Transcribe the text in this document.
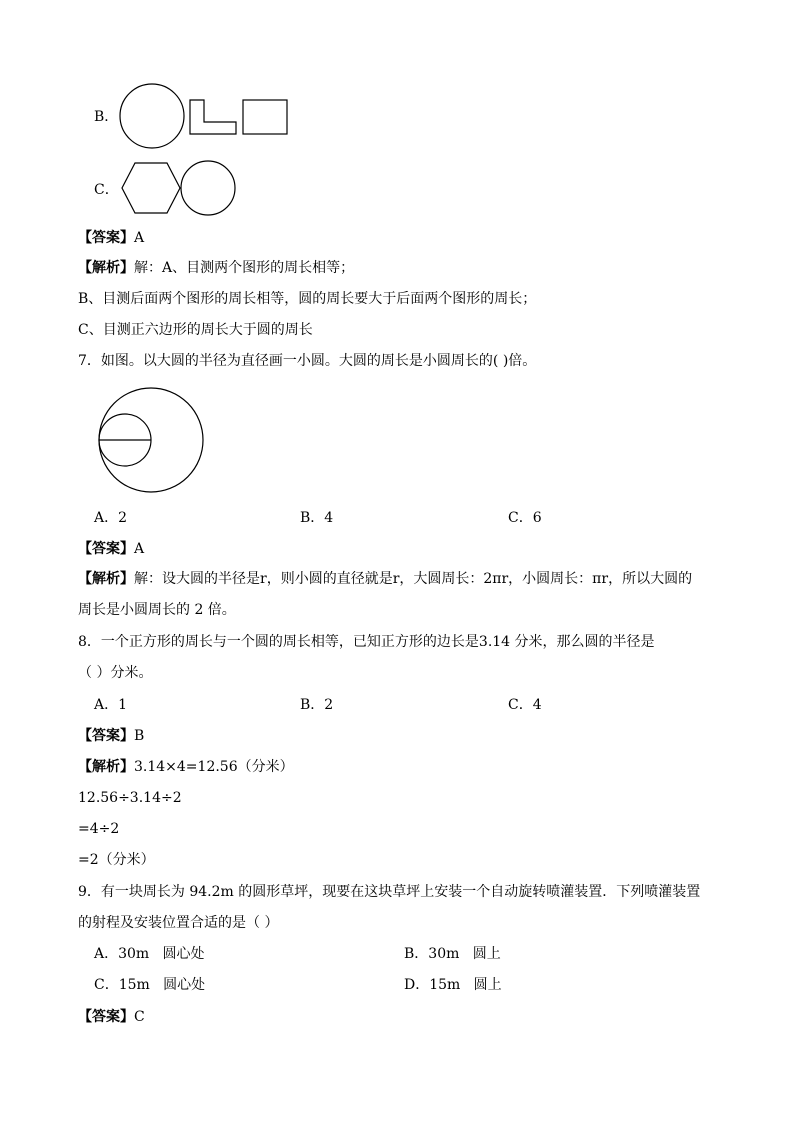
B．
C．
【答案】A
【解析】解：A、目测两个图形的周长相等；
B、目测后面两个图形的周长相等，圆的周长要大于后面两个图形的周长；
C、目测正六边形的周长大于圆的周长
7．如图。以大圆的半径为直径画一小圆。大圆的周长是小圆周长的( )倍。
A．2	B．4	C．6
【答案】A
【解析】解：设大圆的半径是r，则小圆的直径就是r，大圆周长：2πr，小圆周长：πr，所以大圆的
周长是小圆周长的 2 倍。
8．一个正方形的周长与一个圆的周长相等，已知正方形的边长是3.14 分米，那么圆的半径是
（ ）分米。
A．1	B．2	C．4
【答案】B
【解析】3.14×4=12.56（分米）
12.56÷3.14÷2
=4÷2
=2（分米）
9．有一块周长为 94.2m 的圆形草坪，现要在这块草坪上安装一个自动旋转喷灌装置．下列喷灌装置
的射程及安装位置合适的是（ ）
A．30m   圆心处	B．30m   圆上
C．15m   圆心处	D．15m   圆上
【答案】C
